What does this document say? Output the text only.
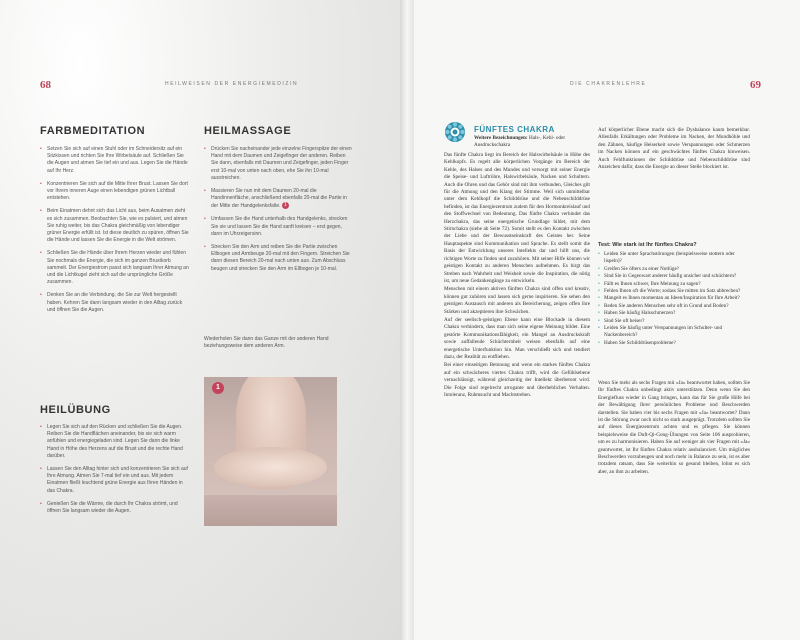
68	HEILWEISEN DER ENERGIEMEDIZIN
FARBMEDITATION
• Setzen Sie sich auf einen Stuhl oder im Schneidersitz auf ein Sitzkissen und richten Sie Ihre Wirbelsäule auf. Schließen Sie die Augen und atmen Sie tief ein und aus. Legen Sie die Hände auf Ihr Herz.
• Konzentrieren Sie sich auf die Mitte Ihrer Brust. Lassen Sie dort vor Ihrem inneren Auge einen lebendigen grünen Lichtball entstehen.
• Beim Einatmen dehnt sich das Licht aus, beim Ausatmen zieht es sich zusammen. Beobachten Sie, wie es pulsiert, und atmen Sie ruhig weiter, bis das Chakra gleichmäßig von lebendiger grüner Energie erfüllt ist. Ist diese deutlich zu spüren, öffnen Sie die Hände und lassen Sie die Energie in die Welt strömen.
• Schließen Sie die Hände über Ihrem Herzen wieder und fühlen Sie nochmals die Energie, die sich im ganzen Brustkorb sammelt. Der Energiestrom passt sich langsam Ihrer Atmung an und die Lichtkugel zieht sich auf die ursprüngliche Größe zusammen.
• Denken Sie an die Verbindung, die Sie zur Welt hergestellt haben. Kehren Sie dann langsam wieder in den Alltag zurück und öffnen Sie die Augen.
HEILÜBUNG
• Legen Sie sich auf den Rücken und schließen Sie die Augen. Reiben Sie die Handflächen aneinander, bis sie sich warm anfühlen und energiegeladen sind. Legen Sie dann die linke Hand in Höhe des Herzens auf die Brust und die rechte Hand darüber.
• Lassen Sie den Alltag hinter sich und konzentrieren Sie sich auf Ihre Atmung. Atmen Sie 7-mal tief ein und aus. Mit jedem Einatmen fließt leuchtend grüne Energie aus Ihren Händen in das Chakra.
• Genießen Sie die Wärme, die durch Ihr Chakra strömt, und öffnen Sie langsam wieder die Augen.
HEILMASSAGE
• Drücken Sie nacheinander jede einzelne Fingerspitze der einen Hand mit dem Daumen und Zeigefinger der anderen. Reiben Sie dann, ebenfalls mit Daumen und Zeigefinger, jeden Finger erst 10-mal von unten nach oben, ehe Sie ihn 10-mal ausstreichen.
• Massieren Sie nun mit dem Daumen 20-mal die Handinnenfläche, anschließend ebenfalls 20-mal die Partie in der Mitte der Handgelenksfalte. 1
• Umfassen Sie die Hand unterhalb des Handgelenks, strecken Sie sie und lassen Sie die Hand sanft kreisen – erst gegen, dann im Uhrzeigersinn.
• Strecken Sie den Arm und reiben Sie die Partie zwischen Ellbogen und Armbeuge 20-mal mit den Fingern. Streichen Sie dann diesen Bereich 20-mal nach unten aus. Zum Abschluss beugen und strecken Sie den Arm im Ellbogen je 10-mal.

Wiederholen Sie dann das Ganze mit der anderen Hand beziehungsweise dem anderen Arm.

1
DIE CHAKRENLEHRE	69
FÜNFTES CHAKRA

Weitere Bezeichnungen: Hals-, Kehl- oder Ausdruckschakra

Das fünfte Chakra liegt im Bereich der Halswirbelsäule in Höhe des Kehlkopfs. Es regelt alle körperlichen Vorgänge im Bereich der Kehle, des Halses und des Mundes und versorgt mit seiner Energie die Speise- und Luftröhre, Halswirbelsäule, Nacken und Schultern. Auch die Ohren und das Gehör sind mit ihm verbunden, Gleiches gilt für die Atmung und den Klang der Stimme. Weil sich unmittelbar unter dem Kehlkopf die Schilddrüse und die Nebenschilddrüse befinden, ist das Energiezentrum zudem für den Hormonkreislauf und den Stoffwechsel von Bedeutung. Das fünfte Chakra verbindet das Herzchakra, das seine energetische Grundlage bildet, mit dem Stirnchakra (siehe ab Seite 72). Somit stellt es den Kontakt zwischen der Liebe und der Bewusstseinskraft des Geistes her. Seine Hauptaspekte sind Kommunikation und Sprache. Es stellt somit die Basis der Entwicklung unseres Intellekts dar und hilft uns, die richtigen Worte zu finden und zuzuhören. Mit seiner Hilfe können wir geistigen Kontakt zu anderen Menschen aufnehmen. Es birgt das Streben nach Wahrheit und Weisheit sowie die Inspiration, die nötig ist, um neue Gedankengänge zu entwickeln.

Menschen mit einem aktiven fünften Chakra sind offen und kreativ, können gut zuhören und lassen sich gerne inspirieren. Sie sehen den geistigen Austausch mit anderen als Bereicherung, zeigen offen ihre Stärken und akzeptieren ihre Schwächen.

Auf der seelisch-geistigen Ebene kann eine Blockade in diesem Chakra verhindern, dass man sich seine eigene Meinung bildet. Eine gestörte Kommunikationsfähigkeit, ein Mangel an Ausdruckskraft sowie auffallende Schüchternheit weisen ebenfalls auf eine energetische Unterfunktion hin. Man verschließt sich und tendiert dazu, der Realität zu entfliehen.

Bei einer einseitigen Betonung und wenn ein starkes fünftes Chakra auf ein schwächeres viertes Chakra trifft, wird die Gefühlsebene vernachlässigt, während gleichzeitig der Intellekt überbetont wird. Die Folge sind regelrecht arrogante und überhebliches Verhalten. Intoleranz, Ruhmsucht und Machtstreben.

Auf körperlicher Ebene macht sich die Dysbalance kaum bemerkbar. Allenfalls Erkältungen oder Probleme im Nacken, der Mundhöhle und den Zähnen, häufige Heiserkeit sowie Verspannungen oder Schmerzen im Nacken können auf ein geschwächtes fünftes Chakra hinweisen. Auch Fehlfunktionen der Schilddrüse und Nebenschilddrüse sind Anzeichen dafür, dass die Energie an dieser Stelle blockiert ist.

Test: Wie stark ist Ihr fünftes Chakra?
• Leiden Sie unter Sprachstörungen (beispielsweise stottern oder lispeln)?
• Greifen Sie öfters zu einer Notlüge?
• Sind Sie in Gegenwart anderer häufig unsicher und schüchtern?
• Fällt es Ihnen schwer, Ihre Meinung zu sagen?
• Fehlen Ihnen oft die Worte; sodass Sie mitten im Satz abbrechen?
• Mangelt es Ihnen momentan an Ideen/Inspiration für Ihre Arbeit?
• Reden Sie anderen Menschen sehr oft in Grund und Boden?
• Haben Sie häufig Halsschmerzen?
• Sind Sie oft heiser?
• Leiden Sie häufig unter Verspannungen im Schulter- und Nackenbereich?
• Haben Sie Schilddrüsenprobleme?

Wenn Sie mehr als sechs Fragen mit »Ja« beantwortet haben, sollten Sie Ihr fünftes Chakra unbedingt aktiv unterstützen. Denn wenn Sie den Energiefluss wieder in Gang bringen, kann das für Sie große Hilfe bei der Bewältigung Ihrer persönlichen Probleme und Beschwerden darstellen. Sie haben vier bis sechs Fragen mit »Ja« beantwortet? Dann ist die Störung zwar noch nicht so stark ausgeprägt. Trotzdem sollten Sie auf dieses Energiezentrum achten und es pflegen. Sie können beispielsweise die Duft-Qi-Gong-Übungen von Seite 106 ausprobieren, um es zu harmonisieren. Haben Sie auf weniger als vier Fragen mit »Ja« geantwortet, ist Ihr fünftes Chakra relativ ausbalanciert. Um mögliches Beschwerden vorzubeugen und noch mehr in Balance zu sein, ist es aber trotzdem ratsam, dass Sie weiterhin so gesund bleiben, lohnt es sich aber, an ihm zu arbeiten.
